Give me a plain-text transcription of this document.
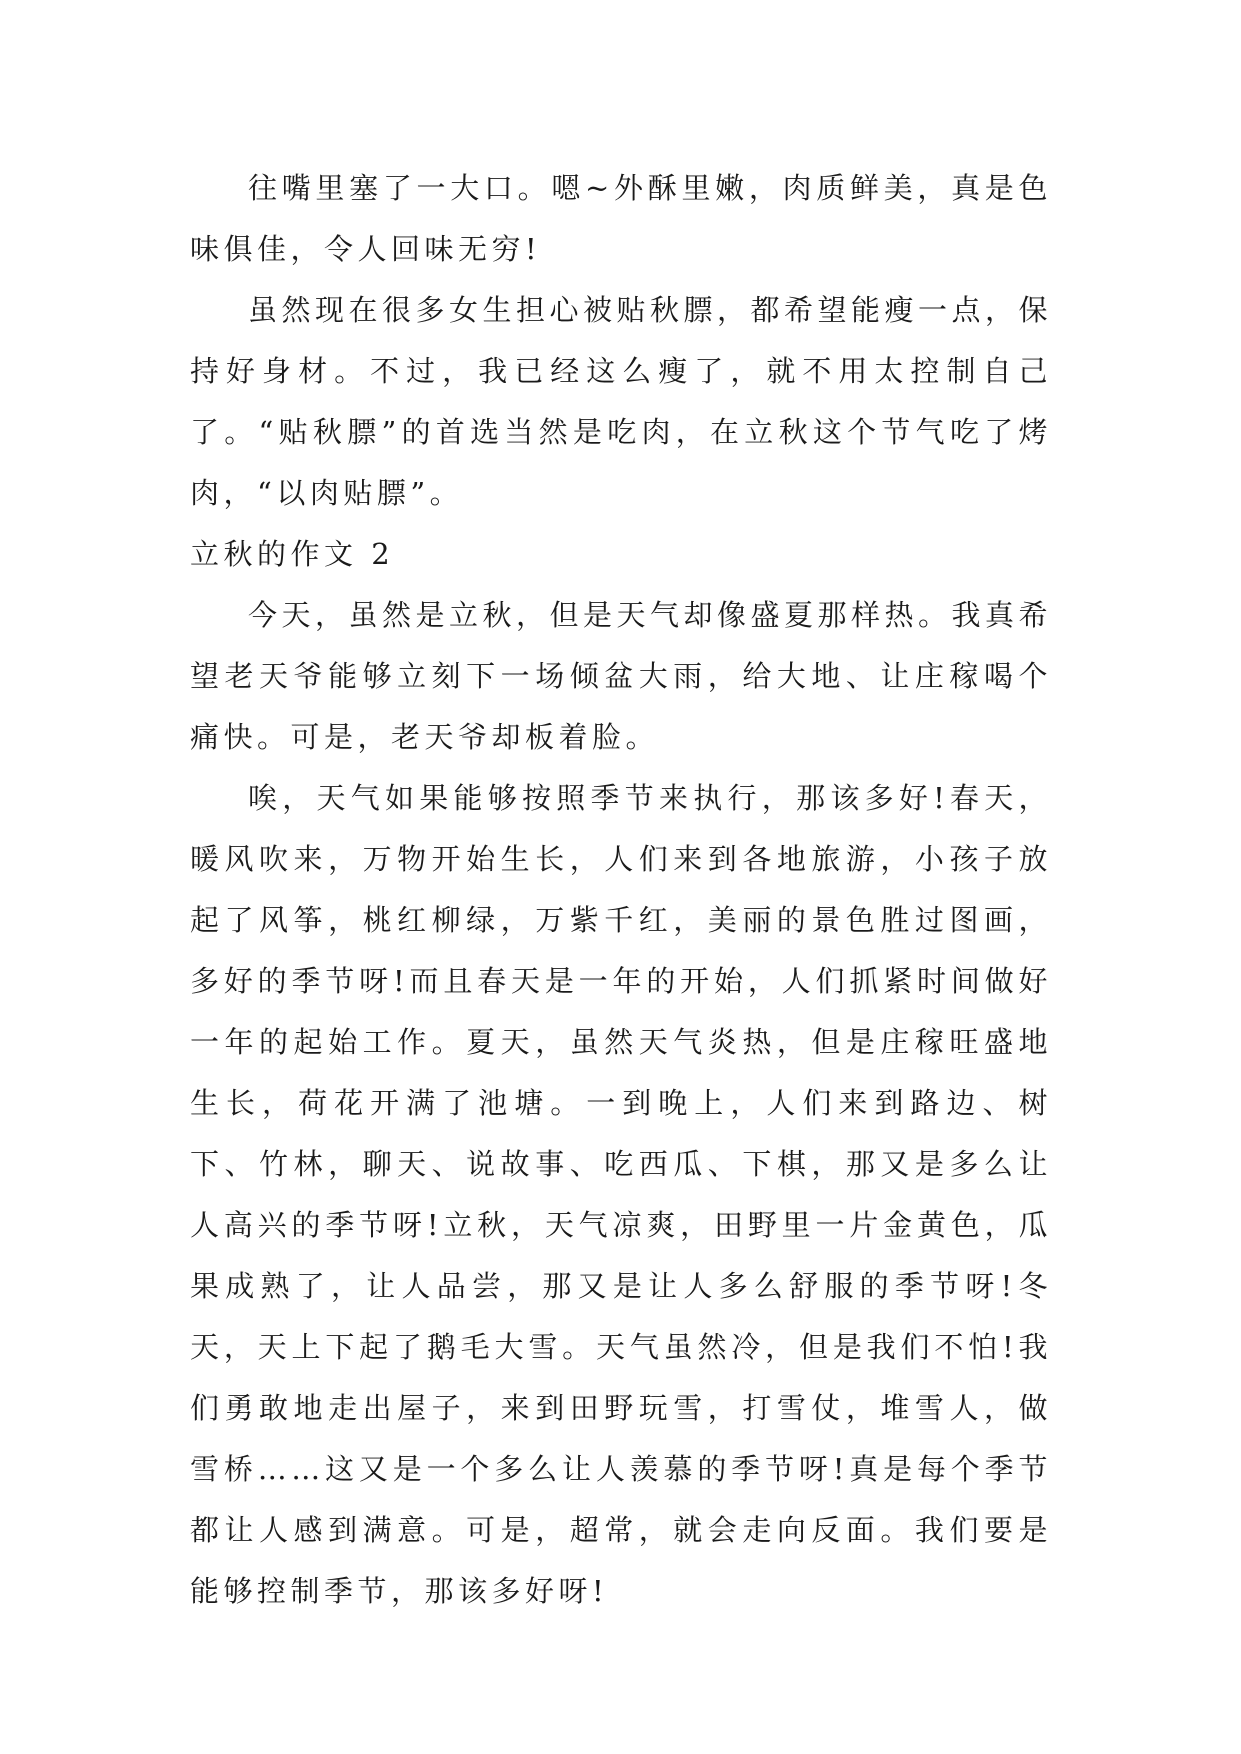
往嘴里塞了一大口。嗯~外酥里嫩，肉质鲜美，真是色味俱佳，令人回味无穷!

虽然现在很多女生担心被贴秋膘，都希望能瘦一点，保持好身材。不过，我已经这么瘦了，就不用太控制自己了。“贴秋膘”的首选当然是吃肉，在立秋这个节气吃了烤肉，“以肉贴膘”。

立秋的作文 2

今天，虽然是立秋，但是天气却像盛夏那样热。我真希望老天爷能够立刻下一场倾盆大雨，给大地、让庄稼喝个痛快。可是，老天爷却板着脸。

唉，天气如果能够按照季节来执行，那该多好!春天，暖风吹来，万物开始生长，人们来到各地旅游，小孩子放起了风筝，桃红柳绿，万紫千红，美丽的景色胜过图画，多好的季节呀!而且春天是一年的开始，人们抓紧时间做好一年的起始工作。夏天，虽然天气炎热，但是庄稼旺盛地生长，荷花开满了池塘。一到晚上，人们来到路边、树下、竹林，聊天、说故事、吃西瓜、下棋，那又是多么让人高兴的季节呀!立秋，天气凉爽，田野里一片金黄色，瓜果成熟了，让人品尝，那又是让人多么舒服的季节呀!冬天，天上下起了鹅毛大雪。天气虽然冷，但是我们不怕!我们勇敢地走出屋子，来到田野玩雪，打雪仗，堆雪人，做雪桥……这又是一个多么让人羡慕的季节呀!真是每个季节都让人感到满意。可是，超常，就会走向反面。我们要是能够控制季节，那该多好呀!
